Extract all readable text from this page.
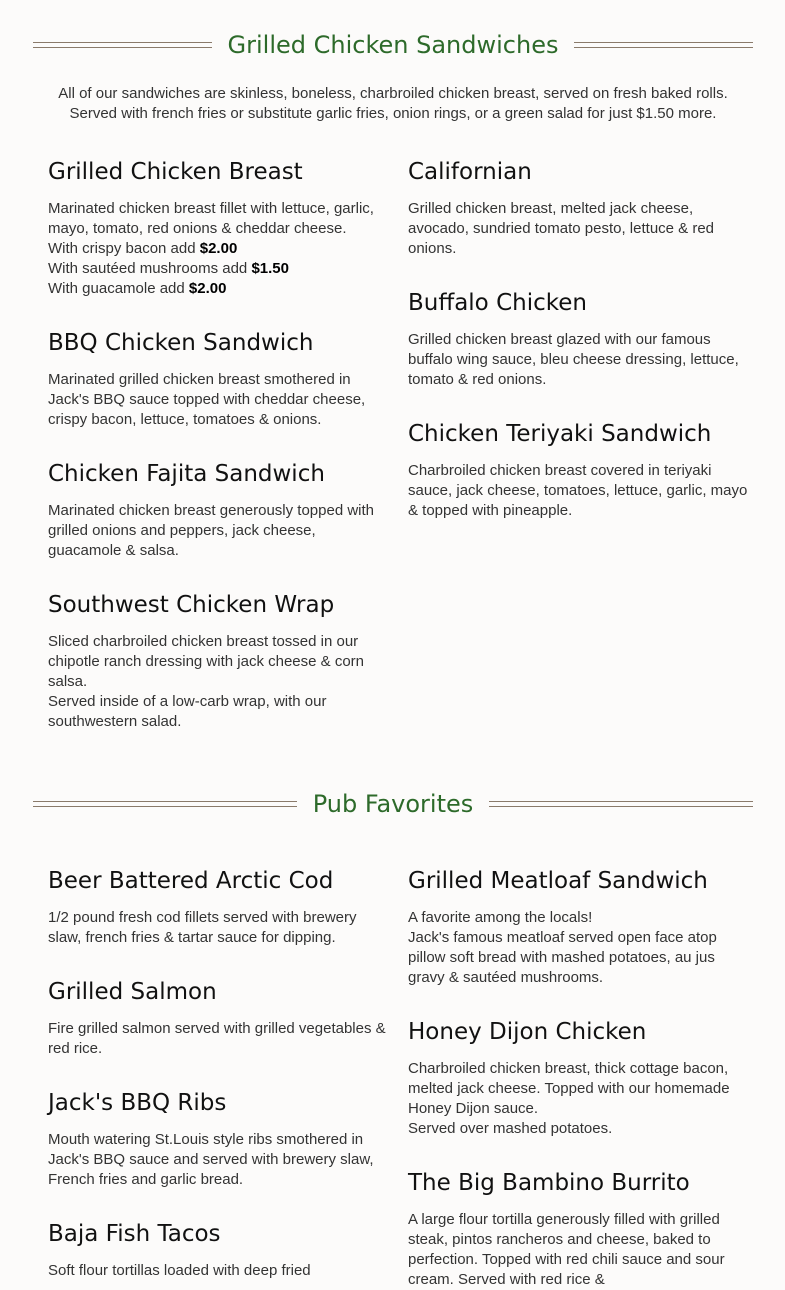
Grilled Chicken Sandwiches
All of our sandwiches are skinless, boneless, charbroiled chicken breast, served on fresh baked rolls.
Served with french fries or substitute garlic fries, onion rings, or a green salad for just $1.50 more.
Grilled Chicken Breast

Marinated chicken breast fillet with lettuce, garlic, mayo, tomato, red onions & cheddar cheese.
With crispy bacon add $2.00
With sautéed mushrooms add $1.50
With guacamole add $2.00

BBQ Chicken Sandwich

Marinated grilled chicken breast smothered in Jack's BBQ sauce topped with cheddar cheese, crispy bacon, lettuce, tomatoes & onions.

Chicken Fajita Sandwich

Marinated chicken breast generously topped with grilled onions and peppers, jack cheese, guacamole & salsa.

Southwest Chicken Wrap

Sliced charbroiled chicken breast tossed in our chipotle ranch dressing with jack cheese & corn salsa.
Served inside of a low-carb wrap, with our southwestern salad.

Californian

Grilled chicken breast, melted jack cheese, avocado, sundried tomato pesto, lettuce & red onions.

Buffalo Chicken

Grilled chicken breast glazed with our famous buffalo wing sauce, bleu cheese dressing, lettuce, tomato & red onions.

Chicken Teriyaki Sandwich

Charbroiled chicken breast covered in teriyaki sauce, jack cheese, tomatoes, lettuce, garlic, mayo & topped with pineapple.

Pub Favorites
Beer Battered Arctic Cod

1/2 pound fresh cod fillets served with brewery slaw, french fries & tartar sauce for dipping.

Grilled Salmon

Fire grilled salmon served with grilled vegetables & red rice.

Jack's BBQ Ribs

Mouth watering St.Louis style ribs smothered in Jack's BBQ sauce and served with brewery slaw, French fries and garlic bread.

Baja Fish Tacos

Soft flour tortillas loaded with deep fried

Grilled Meatloaf Sandwich

A favorite among the locals!
Jack's famous meatloaf served open face atop pillow soft bread with mashed potatoes, au jus gravy & sautéed mushrooms.

Honey Dijon Chicken

Charbroiled chicken breast, thick cottage bacon, melted jack cheese. Topped with our homemade Honey Dijon sauce.
Served over mashed potatoes.

The Big Bambino Burrito

A large flour tortilla generously filled with grilled steak, pintos rancheros and cheese, baked to perfection. Topped with red chili sauce and sour cream. Served with red rice &
